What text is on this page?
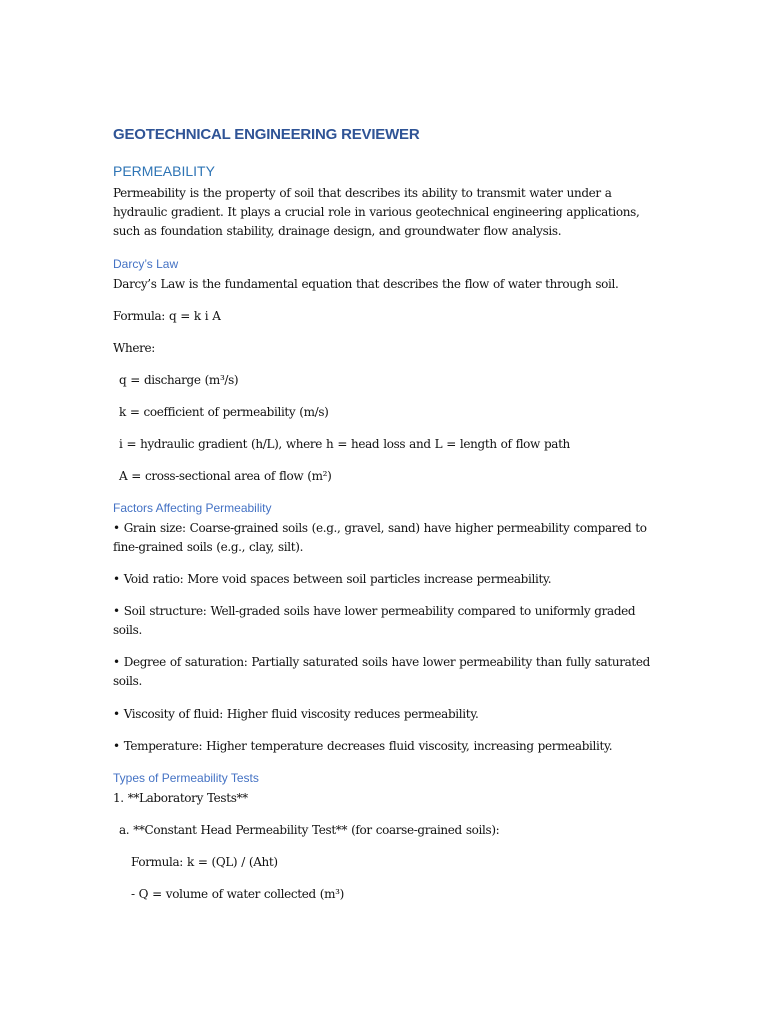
GEOTECHNICAL ENGINEERING REVIEWER
PERMEABILITY

Permeability is the property of soil that describes its ability to transmit water under a hydraulic gradient. It plays a crucial role in various geotechnical engineering applications, such as foundation stability, drainage design, and groundwater flow analysis.

Darcy’s Law

Darcy’s Law is the fundamental equation that describes the flow of water through soil.

Formula: q = k i A

Where:

q = discharge (m³/s)

k = coefficient of permeability (m/s)

i = hydraulic gradient (h/L), where h = head loss and L = length of flow path

A = cross-sectional area of flow (m²)

Factors Affecting Permeability

• Grain size: Coarse-grained soils (e.g., gravel, sand) have higher permeability compared to fine-grained soils (e.g., clay, silt).

• Void ratio: More void spaces between soil particles increase permeability.

• Soil structure: Well-graded soils have lower permeability compared to uniformly graded soils.

• Degree of saturation: Partially saturated soils have lower permeability than fully saturated soils.

• Viscosity of fluid: Higher fluid viscosity reduces permeability.

• Temperature: Higher temperature decreases fluid viscosity, increasing permeability.

Types of Permeability Tests

1. **Laboratory Tests**

a. **Constant Head Permeability Test** (for coarse-grained soils):

Formula: k = (QL) / (Aht)

- Q = volume of water collected (m³)
